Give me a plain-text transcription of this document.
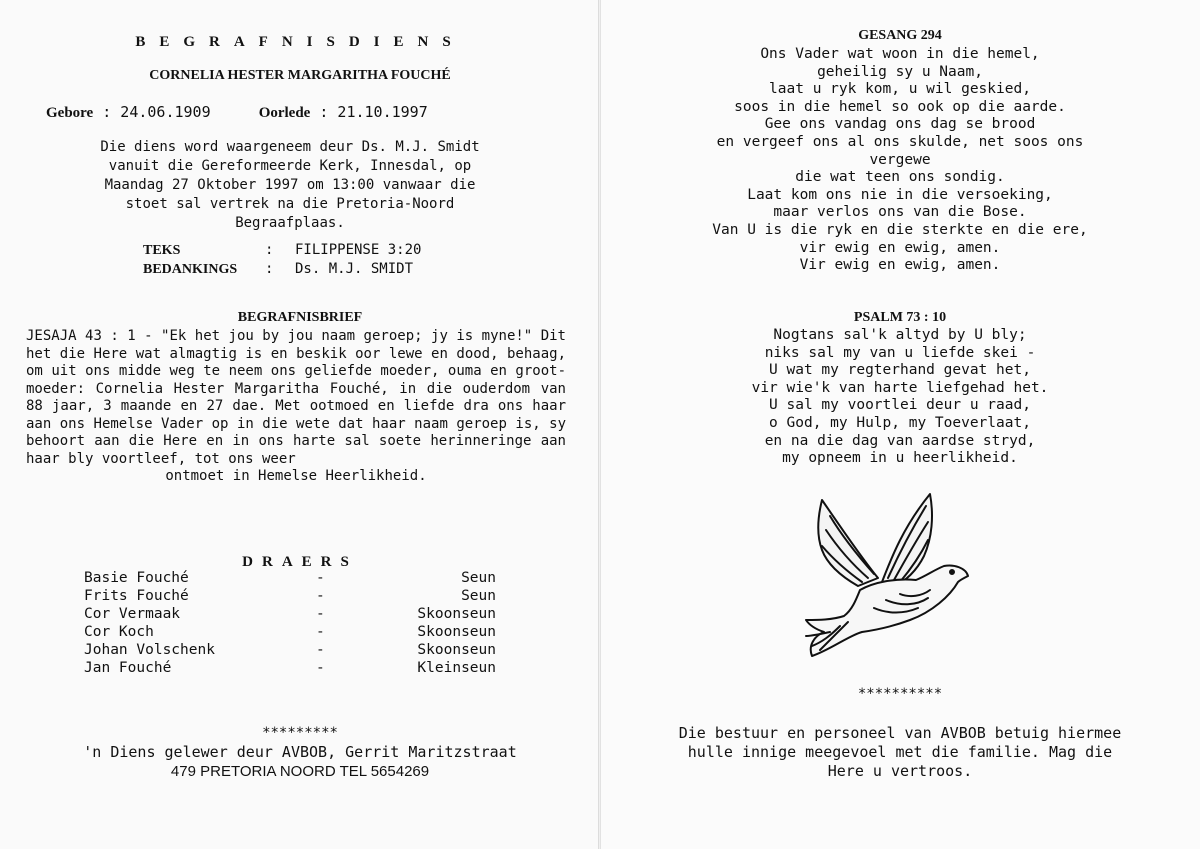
BEGRAFNISDIENS
CORNELIA HESTER MARGARITHA FOUCHÉ
Gebore : 24.06.1909	Oorlede : 21.10.1997
Die diens word waargeneem deur Ds. M.J. Smidt
vanuit die Gereformeerde Kerk, Innesdal, op
Maandag 27 Oktober 1997 om 13:00 vanwaar die
stoet sal vertrek na die Pretoria-Noord
Begraafplaas.
TEKS	: FILIPPENSE 3:20
BEDANKINGS : Ds. M.J. SMIDT
BEGRAFNISBRIEF
JESAJA 43 : 1 - "Ek het jou by jou naam geroep; jy is myne!" Dit het die Here wat almagtig is en beskik oor lewe en dood, behaag, om uit ons midde weg te neem ons geliefde moeder, ouma en groot- moeder: Cornelia Hester Margaritha Fouché, in die ouderdom van 88 jaar, 3 maande en 27 dae. Met ootmoed en liefde dra ons haar aan ons Hemelse Vader op in die wete dat haar naam geroep is, sy behoort aan die Here en in ons harte sal soete herinneringe aan haar bly voortleef, tot ons weer
ontmoet in Hemelse Heerlikheid.
DRAERS
Basie Fouché	-	Seun
Frits Fouché	-	Seun
Cor Vermaak	-	Skoonseun
Cor Koch	-	Skoonseun
Johan Volschenk	-	Skoonseun
Jan Fouché	-	Kleinseun
*********
'n Diens gelewer deur AVBOB, Gerrit Maritzstraat
479 PRETORIA NOORD TEL 5654269
GESANG 294
Ons Vader wat woon in die hemel,
geheilig sy u Naam,
laat u ryk kom, u wil geskied,
soos in die hemel so ook op die aarde.
Gee ons vandag ons dag se brood
en vergeef ons al ons skulde, net soos ons
vergewe
die wat teen ons sondig.
Laat kom ons nie in die versoeking,
maar verlos ons van die Bose.
Van U is die ryk en die sterkte en die ere,
vir ewig en ewig, amen.
Vir ewig en ewig, amen.
PSALM 73 : 10
Nogtans sal'k altyd by U bly;
niks sal my van u liefde skei -
U wat my regterhand gevat het,
vir wie'k van harte liefgehad het.
U sal my voortlei deur u raad,
o God, my Hulp, my Toeverlaat,
en na die dag van aardse stryd,
my opneem in u heerlikheid.
**********
Die bestuur en personeel van AVBOB betuig hiermee
hulle innige meegevoel met die familie. Mag die
Here u vertroos.
